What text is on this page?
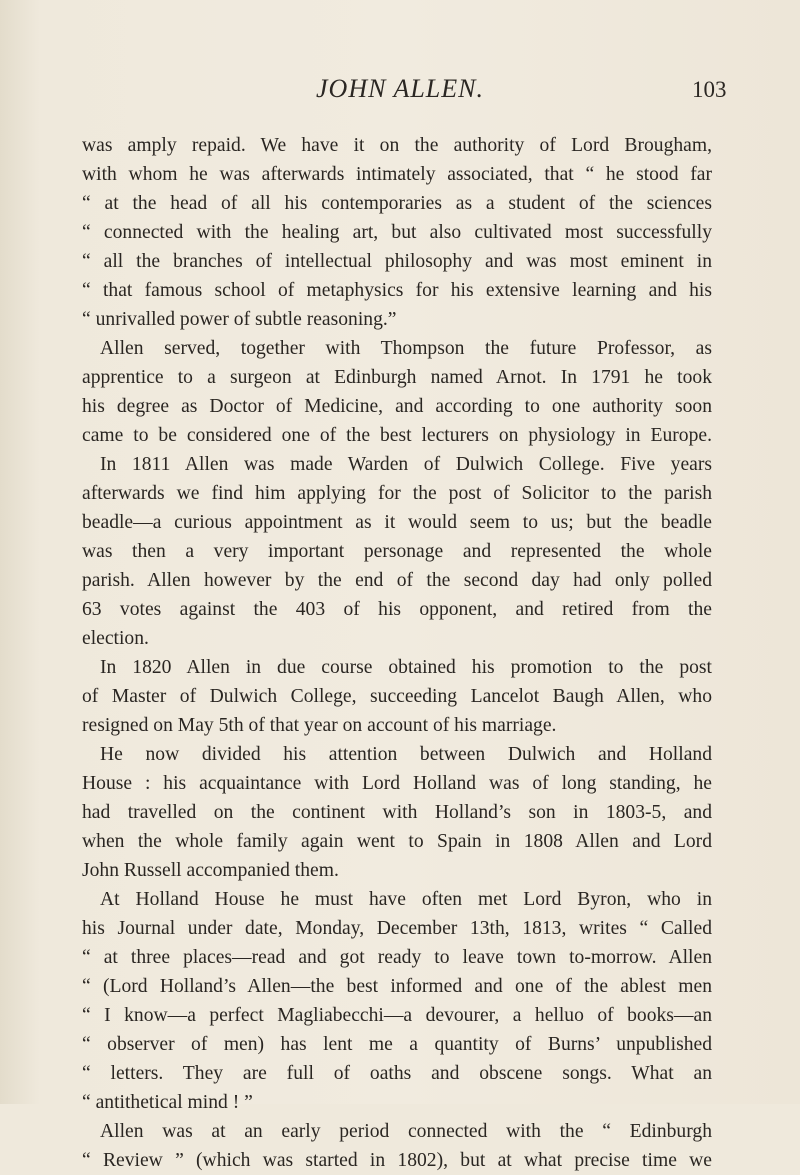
JOHN ALLEN.	103
was amply repaid. We have it on the authority of Lord Brougham,
with whom he was afterwards intimately associated, that “ he stood far
“ at the head of all his contemporaries as a student of the sciences
“ connected with the healing art, but also cultivated most successfully
“ all the branches of intellectual philosophy and was most eminent in
“ that famous school of metaphysics for his extensive learning and his
“ unrivalled power of subtle reasoning.”
Allen served, together with Thompson the future Professor, as
apprentice to a surgeon at Edinburgh named Arnot. In 1791 he took
his degree as Doctor of Medicine, and according to one authority soon
came to be considered one of the best lecturers on physiology in Europe.
In 1811 Allen was made Warden of Dulwich College. Five years
afterwards we find him applying for the post of Solicitor to the parish
beadle—a curious appointment as it would seem to us; but the beadle
was then a very important personage and represented the whole
parish. Allen however by the end of the second day had only polled
63 votes against the 403 of his opponent, and retired from the
election.
In 1820 Allen in due course obtained his promotion to the post
of Master of Dulwich College, succeeding Lancelot Baugh Allen, who
resigned on May 5th of that year on account of his marriage.
He now divided his attention between Dulwich and Holland
House : his acquaintance with Lord Holland was of long standing, he
had travelled on the continent with Holland’s son in 1803-5, and
when the whole family again went to Spain in 1808 Allen and Lord
John Russell accompanied them.
At Holland House he must have often met Lord Byron, who in
his Journal under date, Monday, December 13th, 1813, writes “ Called
“ at three places—read and got ready to leave town to-morrow. Allen
“ (Lord Holland’s Allen—the best informed and one of the ablest men
“ I know—a perfect Magliabecchi—a devourer, a helluo of books—an
“ observer of men) has lent me a quantity of Burns’ unpublished
“ letters. They are full of oaths and obscene songs. What an
“ antithetical mind ! ”
Allen was at an early period connected with the “ Edinburgh
“ Review ” (which was started in 1802), but at what precise time we
